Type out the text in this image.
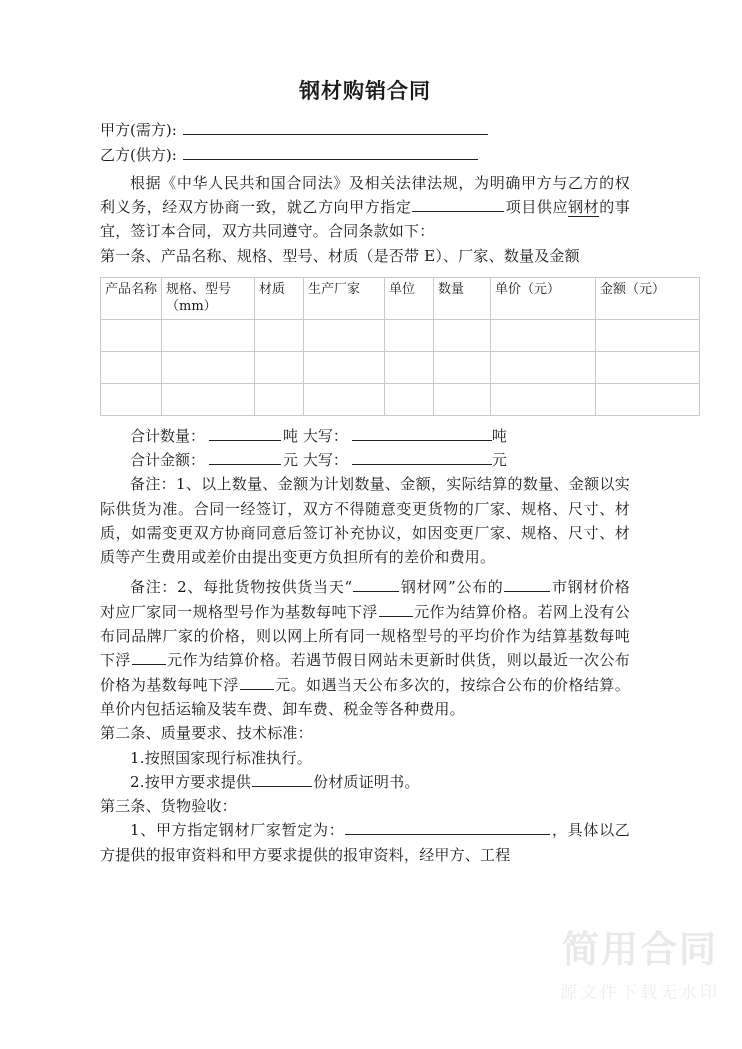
钢材购销合同
甲方(需方):
乙方(供方):

根据《中华人民共和国合同法》及相关法律法规，为明确甲方与乙方的权利义务，经双方协商一致，就乙方向甲方指定	项目供应钢材的事宜，签订本合同，双方共同遵守。合同条款如下：

第一条、产品名称、规格、型号、材质（是否带 E）、厂家、数量及金额

产品名称	规格、型号（mm）	材质	生产厂家	单位	数量	单价（元）	金额（元）

合计数量：	吨 大写：	吨

合计金额：	元 大写：	元

备注：1、以上数量、金额为计划数量、金额，实际结算的数量、金额以实际供货为准。合同一经签订，双方不得随意变更货物的厂家、规格、尺寸、材质，如需变更双方协商同意后签订补充协议，如因变更厂家、规格、尺寸、材质等产生费用或差价由提出变更方负担所有的差价和费用。

备注：2、每批货物按供货当天“	钢材网”公布的	市钢材价格对应厂家同一规格型号作为基数每吨下浮 元作为结算价格。若网上没有公布同品牌厂家的价格，则以网上所有同一规格型号的平均价作为结算基数每吨下浮 元作为结算价格。若遇节假日网站未更新时供货，则以最近一次公布价格为基数每吨下浮 元。如遇当天公布多次的，按综合公布的价格结算。单价内包括运输及装车费、卸车费、税金等各种费用。

第二条、质量要求、技术标准：

1.按照国家现行标准执行。

2.按甲方要求提供	份材质证明书。

第三条、货物验收：

1、甲方指定钢材厂家暂定为：	，具体以乙方提供的报审资料和甲方要求提供的报审资料，经甲方、工程

简用合同
源文件下载无水印
